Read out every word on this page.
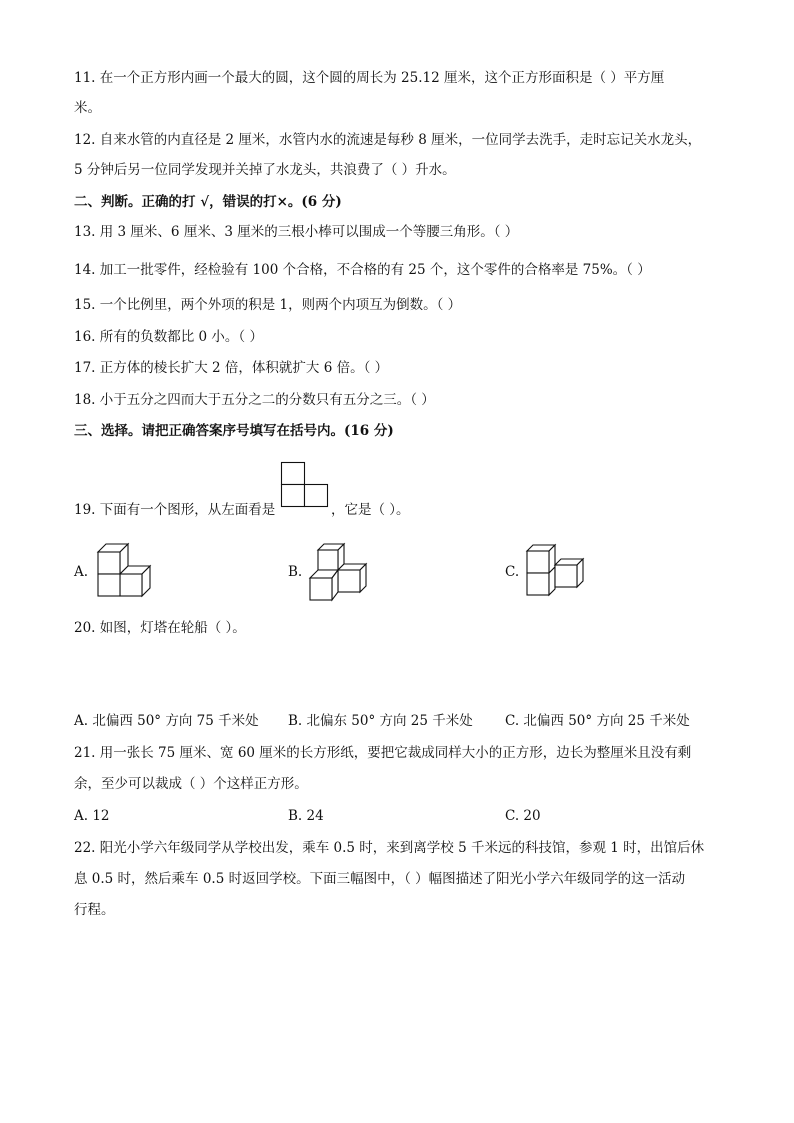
11. 在一个正方形内画一个最大的圆，这个圆的周长为 25.12 厘米，这个正方形面积是（ ）平方厘
米。
12. 自来水管的内直径是 2 厘米，水管内水的流速是每秒 8 厘米，一位同学去洗手，走时忘记关水龙头，
5 分钟后另一位同学发现并关掉了水龙头，共浪费了（ ）升水。
二、判断。正确的打 √，错误的打×。(6 分)
13. 用 3 厘米、6 厘米、3 厘米的三根小棒可以围成一个等腰三角形。（ ）
14. 加工一批零件，经检验有 100 个合格，不合格的有 25 个，这个零件的合格率是 75%。（ ）
15. 一个比例里，两个外项的积是 1，则两个内项互为倒数。（ ）
16. 所有的负数都比 0 小。（ ）
17. 正方体的棱长扩大 2 倍，体积就扩大 6 倍。（ ）
18. 小于五分之四而大于五分之二的分数只有五分之三。（ ）
三、选择。请把正确答案序号填写在括号内。(16 分)
19. 下面有一个图形，从左面看是	，它是（ ）。
A.	B.	C.
20. 如图，灯塔在轮船（ ）。
A. 北偏西 50° 方向 75 千米处 B. 北偏东 50° 方向 25 千米处 C. 北偏西 50° 方向 25 千米处
21. 用一张长 75 厘米、宽 60 厘米的长方形纸，要把它裁成同样大小的正方形，边长为整厘米且没有剩
余，至少可以裁成（ ）个这样正方形。
A. 12	B. 24	C. 20
22. 阳光小学六年级同学从学校出发，乘车 0.5 时，来到离学校 5 千米远的科技馆，参观 1 时，出馆后休
息 0.5 时，然后乘车 0.5 时返回学校。下面三幅图中，（ ）幅图描述了阳光小学六年级同学的这一活动
行程。
